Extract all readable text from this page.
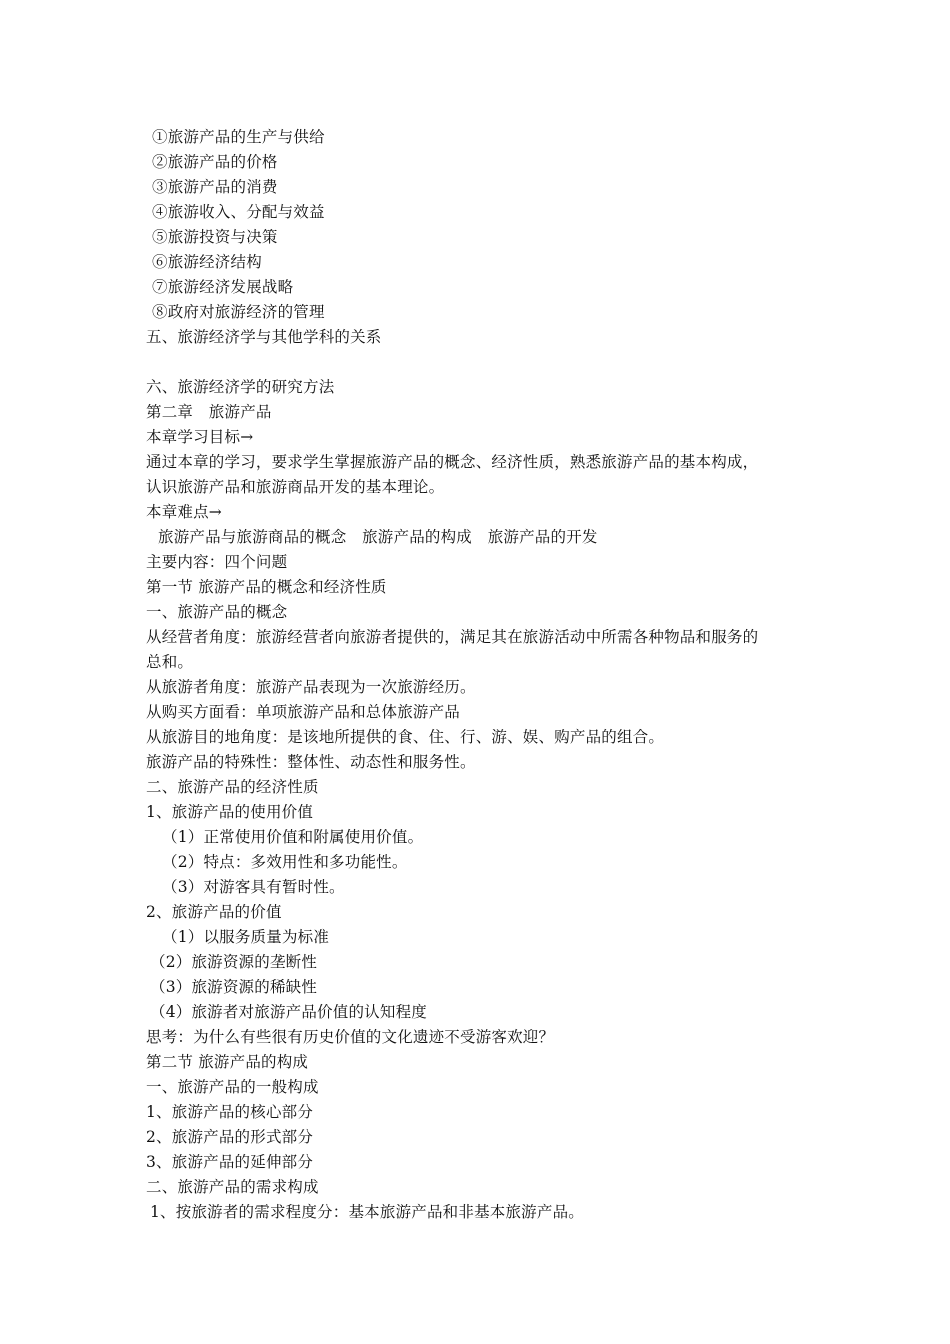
①旅游产品的生产与供给
②旅游产品的价格
③旅游产品的消费
④旅游收入、分配与效益
⑤旅游投资与决策
⑥旅游经济结构
⑦旅游经济发展战略
⑧政府对旅游经济的管理
五、旅游经济学与其他学科的关系
六、旅游经济学的研究方法
第二章　旅游产品
本章学习目标→
通过本章的学习，要求学生掌握旅游产品的概念、经济性质，熟悉旅游产品的基本构成，
认识旅游产品和旅游商品开发的基本理论。
本章难点→
旅游产品与旅游商品的概念　旅游产品的构成　旅游产品的开发
主要内容：四个问题
第一节 旅游产品的概念和经济性质
一、旅游产品的概念
从经营者角度：旅游经营者向旅游者提供的，满足其在旅游活动中所需各种物品和服务的
总和。
从旅游者角度：旅游产品表现为一次旅游经历。
从购买方面看：单项旅游产品和总体旅游产品
从旅游目的地角度：是该地所提供的食、住、行、游、娱、购产品的组合。
旅游产品的特殊性：整体性、动态性和服务性。
二、旅游产品的经济性质
1、旅游产品的使用价值
（1）正常使用价值和附属使用价值。
（2）特点：多效用性和多功能性。
（3）对游客具有暂时性。
2、旅游产品的价值
（1）以服务质量为标准
（2）旅游资源的垄断性
（3）旅游资源的稀缺性
（4）旅游者对旅游产品价值的认知程度
思考：为什么有些很有历史价值的文化遗迹不受游客欢迎？
第二节 旅游产品的构成
一、旅游产品的一般构成
1、旅游产品的核心部分
2、旅游产品的形式部分
3、旅游产品的延伸部分
二、旅游产品的需求构成
1、按旅游者的需求程度分：基本旅游产品和非基本旅游产品。
